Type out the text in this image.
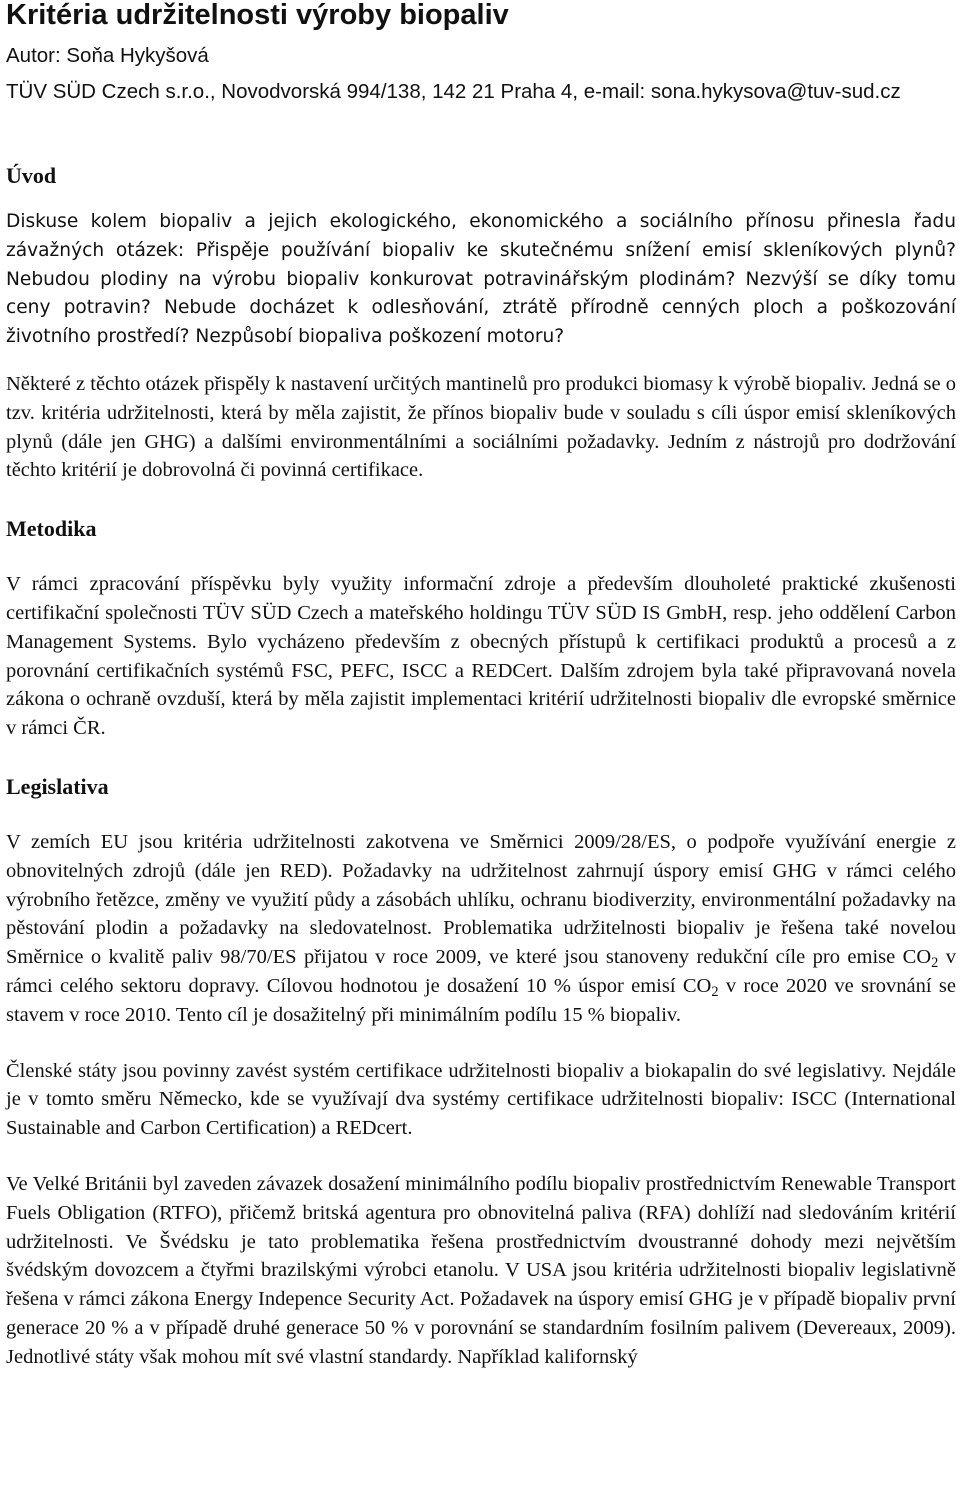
Kritéria udržitelnosti výroby biopaliv
Autor: Soňa Hykyšová
TÜV SÜD Czech s.r.o., Novodvorská 994/138, 142 21 Praha 4, e-mail: sona.hykysova@tuv-sud.cz
Úvod

Diskuse kolem biopaliv a jejich ekologického, ekonomického a sociálního přínosu přinesla řadu závažných otázek: Přispěje používání biopaliv ke skutečnému snížení emisí skleníkových plynů? Nebudou plodiny na výrobu biopaliv konkurovat potravinářským plodinám? Nezvýší se díky tomu ceny potravin? Nebude docházet k odlesňování, ztrátě přírodně cenných ploch a poškozování životního prostředí? Nezpůsobí biopaliva poškození motoru?

Některé z těchto otázek přispěly k nastavení určitých mantinelů pro produkci biomasy k výrobě biopaliv. Jedná se o tzv. kritéria udržitelnosti, která by měla zajistit, že přínos biopaliv bude v souladu s cíli úspor emisí skleníkových plynů (dále jen GHG) a dalšími environmentálními a sociálními požadavky. Jedním z nástrojů pro dodržování těchto kritérií je dobrovolná či povinná certifikace.

Metodika

V rámci zpracování příspěvku byly využity informační zdroje a především dlouholeté praktické zkušenosti certifikační společnosti TÜV SÜD Czech a mateřského holdingu TÜV SÜD IS GmbH, resp. jeho oddělení Carbon Management Systems. Bylo vycházeno především z obecných přístupů k certifikaci produktů a procesů a z porovnání certifikačních systémů FSC, PEFC, ISCC a REDCert. Dalším zdrojem byla také připravovaná novela zákona o ochraně ovzduší, která by měla zajistit implementaci kritérií udržitelnosti biopaliv dle evropské směrnice v rámci ČR.

Legislativa

V zemích EU jsou kritéria udržitelnosti zakotvena ve Směrnici 2009/28/ES, o podpoře využívání energie z obnovitelných zdrojů (dále jen RED). Požadavky na udržitelnost zahrnují úspory emisí GHG v rámci celého výrobního řetězce, změny ve využití půdy a zásobách uhlíku, ochranu biodiverzity, environmentální požadavky na pěstování plodin a požadavky na sledovatelnost. Problematika udržitelnosti biopaliv je řešena také novelou Směrnice o kvalitě paliv 98/70/ES přijatou v roce 2009, ve které jsou stanoveny redukční cíle pro emise $CO_2$ v rámci celého sektoru dopravy. Cílovou hodnotou je dosažení 10 % úspor emisí $CO_2$ v roce 2020 ve srovnání se stavem v roce 2010. Tento cíl je dosažitelný při minimálním podílu 15 % biopaliv.

Členské státy jsou povinny zavést systém certifikace udržitelnosti biopaliv a biokapalin do své legislativy. Nejdále je v tomto směru Německo, kde se využívají dva systémy certifikace udržitelnosti biopaliv: ISCC (International Sustainable and Carbon Certification) a REDcert.

Ve Velké Británii byl zaveden závazek dosažení minimálního podílu biopaliv prostřednictvím Renewable Transport Fuels Obligation (RTFO), přičemž britská agentura pro obnovitelná paliva (RFA) dohlíží nad sledováním kritérií udržitelnosti. Ve Švédsku je tato problematika řešena prostřednictvím dvoustranné dohody mezi největším švédským dovozcem a čtyřmi brazilskými výrobci etanolu. V USA jsou kritéria udržitelnosti biopaliv legislativně řešena v rámci zákona Energy Indepence Security Act. Požadavek na úspory emisí GHG je v případě biopaliv první generace 20 % a v případě druhé generace 50 % v porovnání se standardním fosilním palivem (Devereaux, 2009). Jednotlivé státy však mohou mít své vlastní standardy. Například kalifornský
